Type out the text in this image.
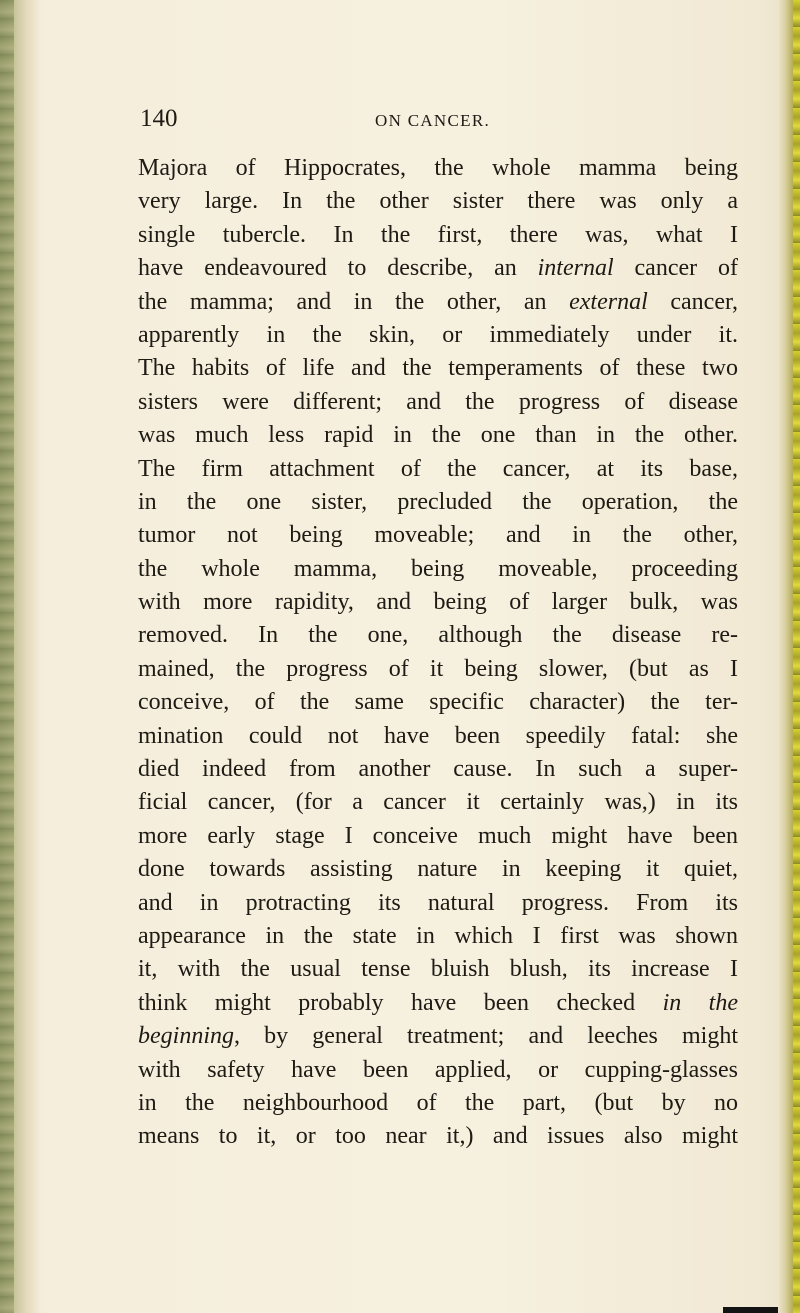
140	ON CANCER.
Majora of Hippocrates, the whole mamma being
very large. In the other sister there was only a
single tubercle. In the first, there was, what I
have endeavoured to describe, an internal cancer of
the mamma; and in the other, an external cancer,
apparently in the skin, or immediately under it.
The habits of life and the temperaments of these two
sisters were different; and the progress of disease
was much less rapid in the one than in the other.
The firm attachment of the cancer, at its base,
in the one sister, precluded the operation, the
tumor not being moveable; and in the other,
the whole mamma, being moveable, proceeding
with more rapidity, and being of larger bulk, was
removed. In the one, although the disease re-
mained, the progress of it being slower, (but as I
conceive, of the same specific character) the ter-
mination could not have been speedily fatal: she
died indeed from another cause. In such a super-
ficial cancer, (for a cancer it certainly was,) in its
more early stage I conceive much might have been
done towards assisting nature in keeping it quiet,
and in protracting its natural progress. From its
appearance in the state in which I first was shown
it, with the usual tense bluish blush, its increase I
think might probably have been checked in the
beginning, by general treatment; and leeches might
with safety have been applied, or cupping-glasses
in the neighbourhood of the part, (but by no
means to it, or too near it,) and issues also might
